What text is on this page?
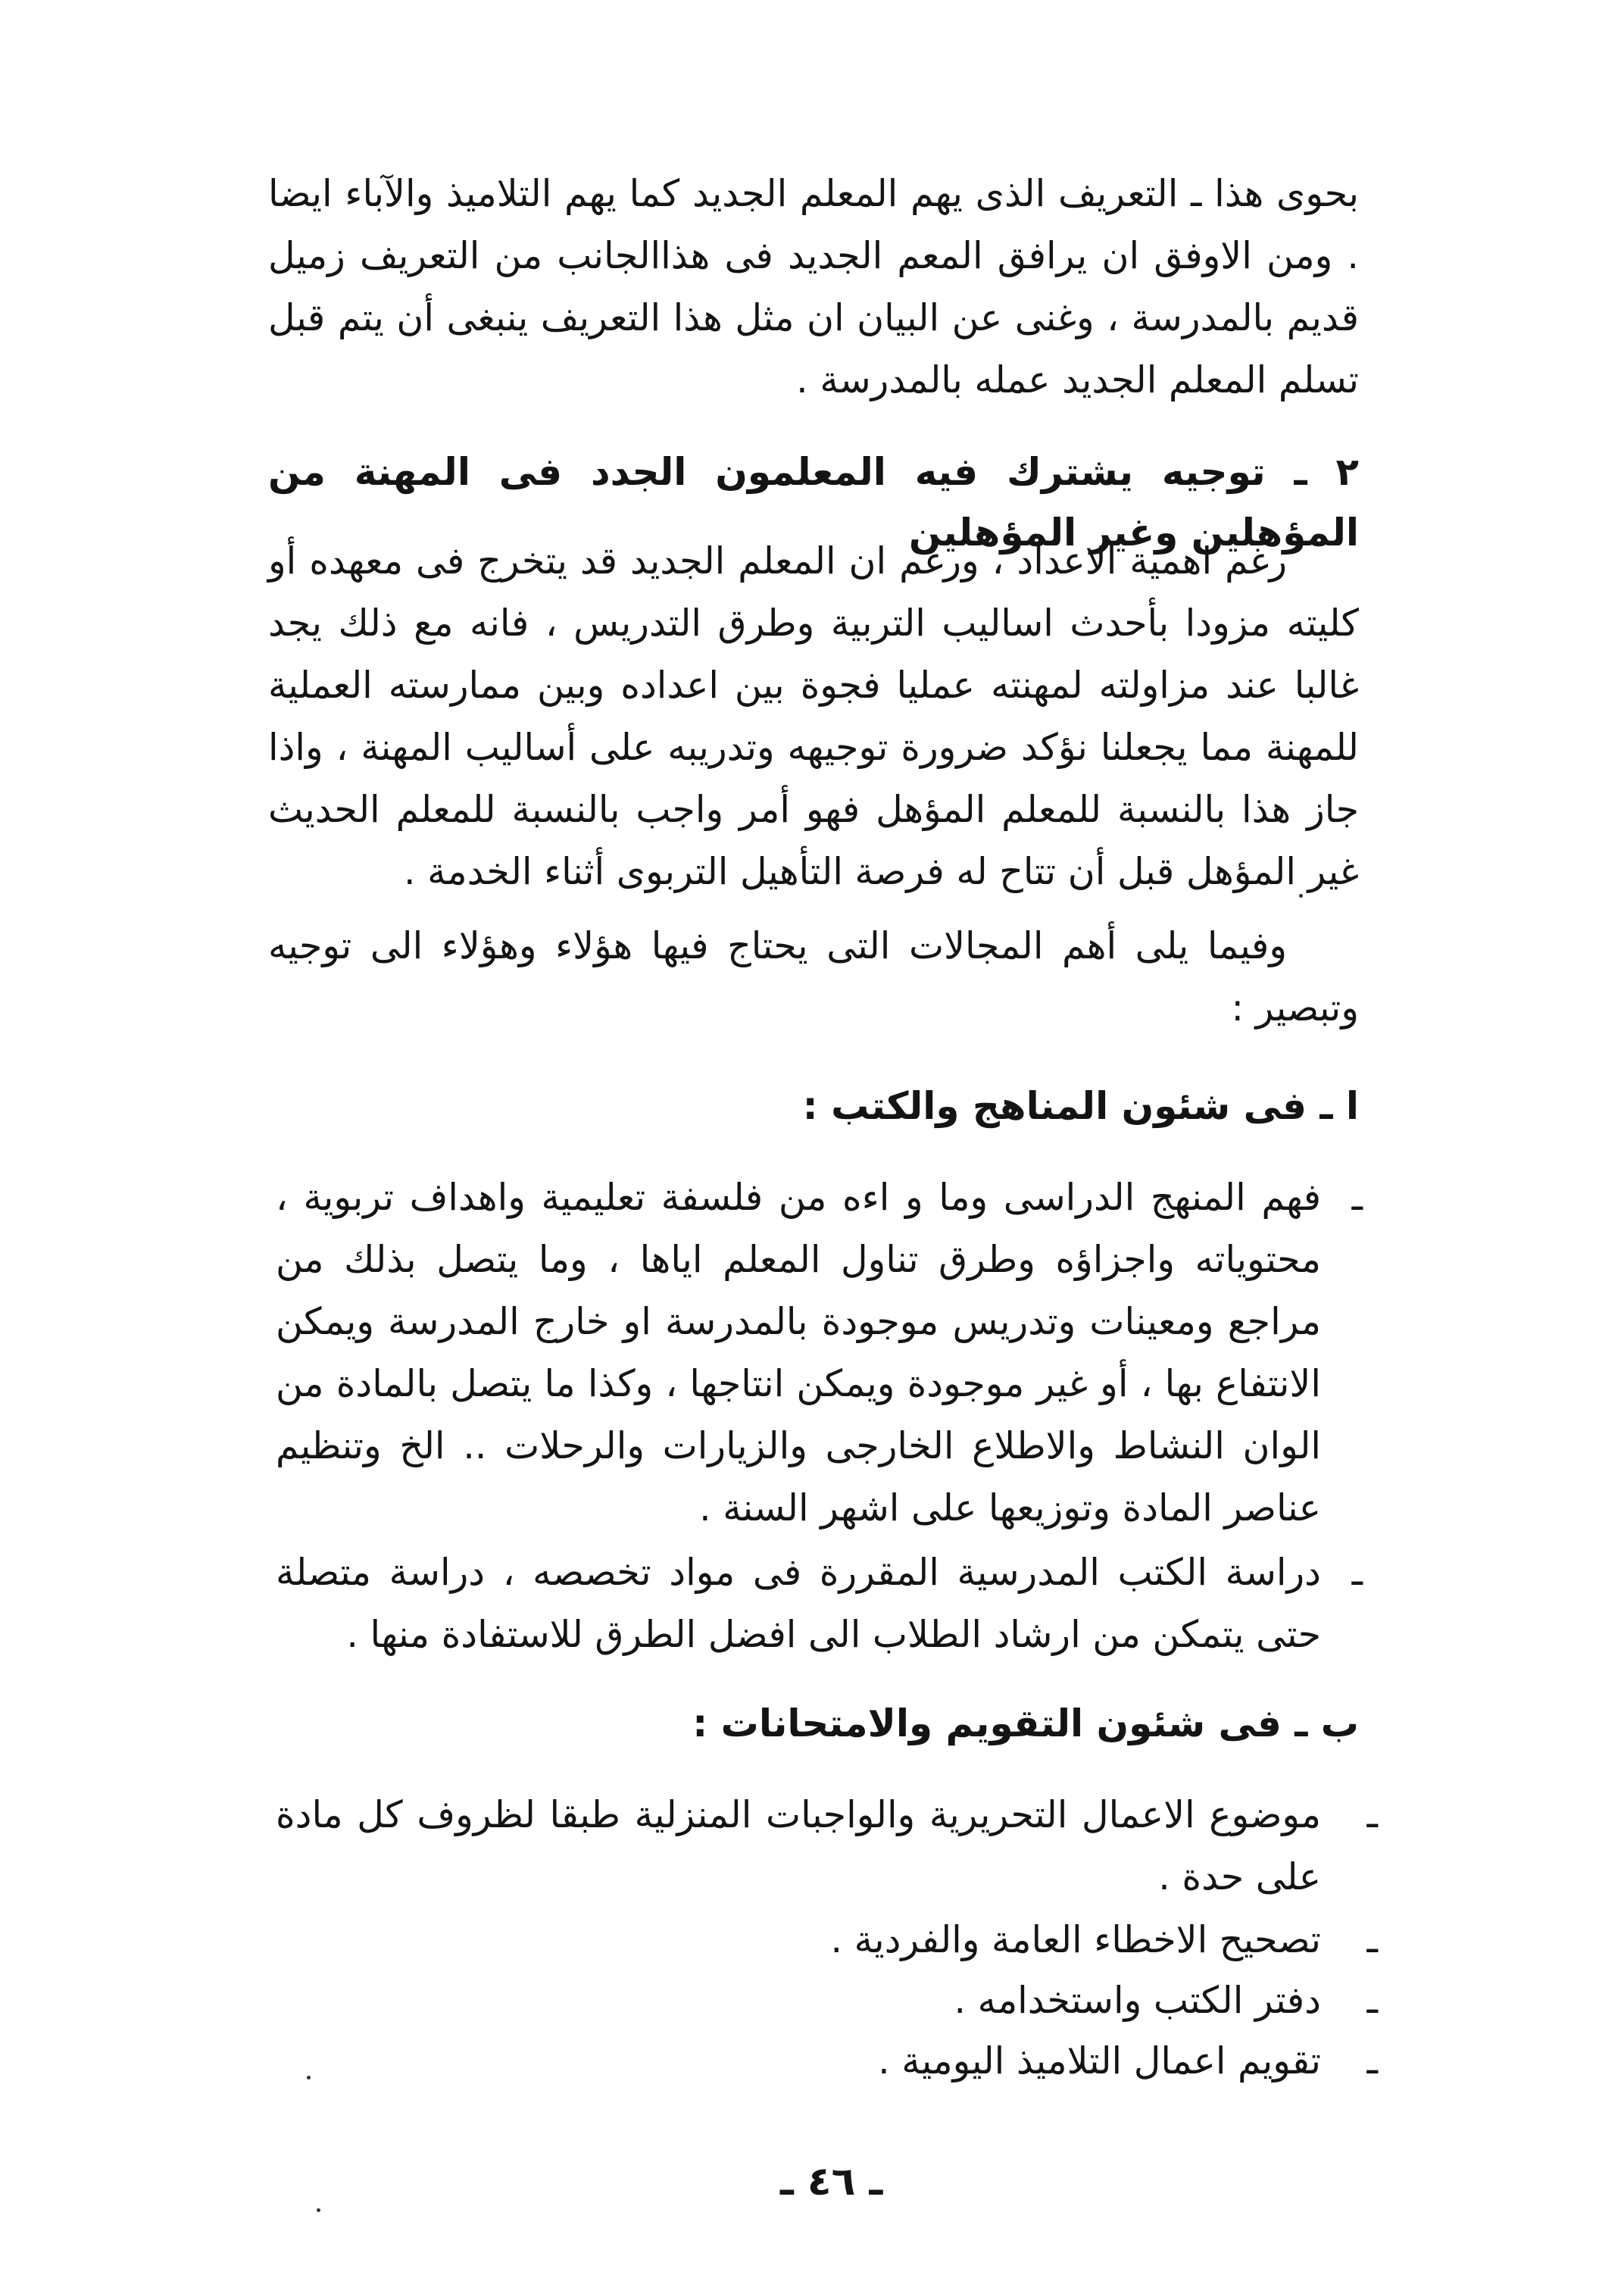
بحوى هذا ـ التعريف الذى يهم المعلم الجديد كما يهم التلاميذ والآباء ايضا . ومن الاوفق ان يرافق المعم الجديد فى هذاالجانب من التعريف زميل قديم بالمدرسة ، وغنى عن البيان ان مثل هذا التعريف ينبغى أن يتم قبل تسلم المعلم الجديد عمله بالمدرسة .

٢ ـ توجيه يشترك فيه المعلمون الجدد فى المهنة من المؤهلين وغير المؤهلين

رغم اهمية الاعداد ، ورغم ان المعلم الجديد قد يتخرج فى معهده أو كليته مزودا بأحدث اساليب التربية وطرق التدريس ، فانه مع ذلك يجد غالبا عند مزاولته لمهنته عمليا فجوة بين اعداده وبين ممارسته العملية للمهنة مما يجعلنا نؤكد ضرورة توجيهه وتدريبه على أساليب المهنة ، واذا جاز هذا بالنسبة للمعلم المؤهل فهو أمر واجب بالنسبة للمعلم الحديث غير المؤهل قبل أن تتاح له فرصة التأهيل التربوى أثناء الخدمة .

وفيما يلى أهم المجالات التى يحتاج فيها هؤلاء وهؤلاء الى توجيه وتبصير :

ا ـ فى شئون المناهج والكتب :

ـ

فهم المنهج الدراسى وما و اءه من فلسفة تعليمية واهداف تربوية ، محتوياته واجزاؤه وطرق تناول المعلم اياها ، وما يتصل بذلك من مراجع ومعينات وتدريس موجودة بالمدرسة او خارج المدرسة ويمكن الانتفاع بها ، أو غير موجودة ويمكن انتاجها ، وكذا ما يتصل بالمادة من الوان النشاط والاطلاع الخارجى والزيارات والرحلات .. الخ وتنظيم عناصر المادة وتوزيعها على اشهر السنة .

ـ

دراسة الكتب المدرسية المقررة فى مواد تخصصه ، دراسة متصلة حتى يتمكن من ارشاد الطلاب الى افضل الطرق للاستفادة منها .

ب ـ فى شئون التقويم والامتحانات :

ـ

موضوع الاعمال التحريرية والواجبات المنزلية طبقا لظروف كل مادة على حدة .

ـ

تصحيح الاخطاء العامة والفردية .

ـ

دفتر الكتب واستخدامه .

ـ

تقويم اعمال التلاميذ اليومية .

ـ ٤٦ ـ
